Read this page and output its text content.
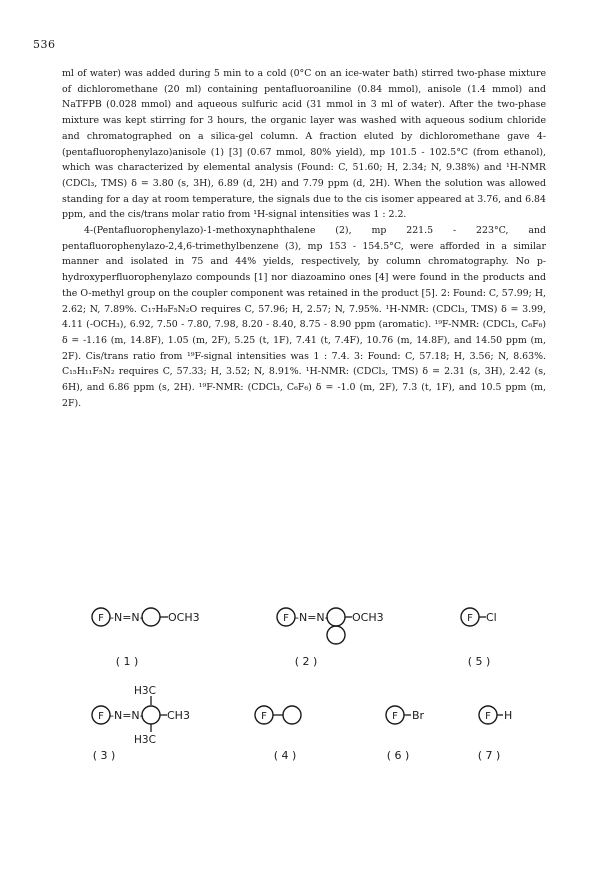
536

ml of water) was added during 5 min to a cold (0°C on an ice-water bath) stirred two-phase mixture of dichloromethane (20 ml) containing pentafluoroaniline (0.84 mmol), anisole (1.4 mmol) and NaTFPB (0.028 mmol) and aqueous sulfuric acid (31 mmol in 3 ml of water). After the two-phase mixture was kept stirring for 3 hours, the organic layer was washed with aqueous sodium chloride and chromatographed on a silica-gel column. A fraction eluted by dichloromethane gave 4-(pentafluorophenylazo)anisole (1) [3] (0.67 mmol, 80% yield), mp 101.5 - 102.5°C (from ethanol), which was characterized by elemental analysis (Found: C, 51.60; H, 2.34; N, 9.38%) and ¹H-NMR (CDCl₃, TMS) δ = 3.80 (s, 3H), 6.89 (d, 2H) and 7.79 ppm (d, 2H). When the solution was allowed standing for a day at room temperature, the signals due to the cis isomer appeared at 3.76, and 6.84 ppm, and the cis/trans molar ratio from ¹H-signal intensities was 1 : 2.2.

4-(Pentafluorophenylazo)-1-methoxynaphthalene (2), mp 221.5 - 223°C, and pentafluorophenylazo-2,4,6-trimethylbenzene (3), mp 153 - 154.5°C, were afforded in a similar manner and isolated in 75 and 44% yields, respectively, by column chromatography. No p-hydroxyperfluorophenylazo compounds [1] nor diazoamino ones [4] were found in the products and the O-methyl group on the coupler component was retained in the product [5]. 2: Found: C, 57.99; H, 2.62; N, 7.89%. C₁₇H₉F₅N₂O requires C, 57.96; H, 2.57; N, 7.95%. ¹H-NMR: (CDCl₃, TMS) δ = 3.99, 4.11 (-OCH₃), 6.92, 7.50 - 7.80, 7.98, 8.20 - 8.40, 8.75 - 8.90 ppm (aromatic). ¹⁹F-NMR: (CDCl₃, C₆F₆) δ = -1.16 (m, 14.8F), 1.05 (m, 2F), 5.25 (t, 1F), 7.41 (t, 7.4F), 10.76 (m, 14.8F), and 14.50 ppm (m, 2F). Cis/trans ratio from ¹⁹F-signal intensities was 1 : 7.4. 3: Found: C, 57.18; H, 3.56; N, 8.63%. C₁₅H₁₁F₅N₂ requires C, 57.33; H, 3.52; N, 8.91%. ¹H-NMR: (CDCl₃, TMS) δ = 2.31 (s, 3H), 2.42 (s, 6H), and 6.86 ppm (s, 2H). ¹⁹F-NMR: (CDCl₃, C₆F₆) δ = -1.0 (m, 2F), 7.3 (t, 1F), and 10.5 ppm (m, 2F).

F -N=N- OCH3
( 1 )
F -N=N- OCH3
( 2 )
F Cl
( 5 )
H3C
F -N=N- CH3
H3C
( 3 )
F
( 4 )
F Br
( 6 )
F H
( 7 )
